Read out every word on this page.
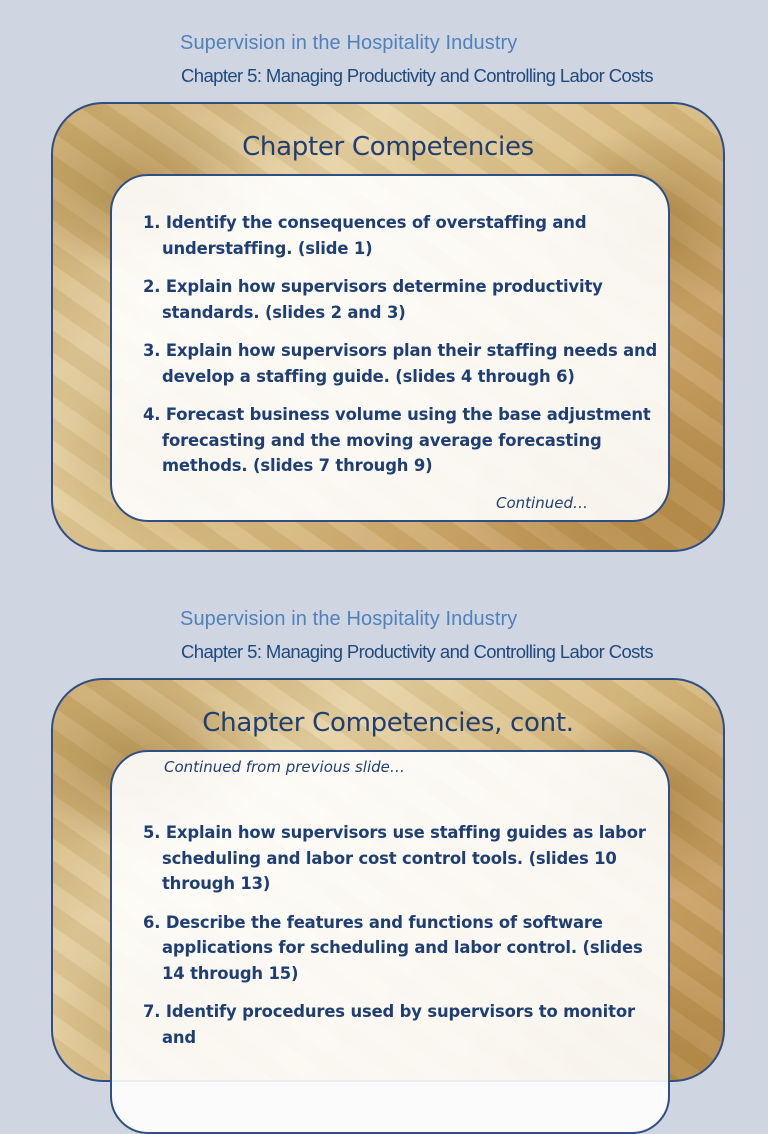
Supervision in the Hospitality Industry
Chapter 5: Managing Productivity and Controlling Labor Costs
Chapter Competencies
1. Identify the consequences of overstaffing and understaffing. (slide 1)
2. Explain how supervisors determine productivity standards. (slides 2 and 3)
3. Explain how supervisors plan their staffing needs and develop a staffing guide. (slides 4 through 6)
4. Forecast business volume using the base adjustment forecasting and the moving average forecasting methods. (slides 7 through 9)
Continued…
Supervision in the Hospitality Industry
Chapter 5: Managing Productivity and Controlling Labor Costs
Chapter Competencies, cont.
Continued from previous slide…
5. Explain how supervisors use staffing guides as labor scheduling and labor cost control tools. (slides 10 through 13)
6. Describe the features and functions of software applications for scheduling and labor control. (slides 14 through 15)
7. Identify procedures used by supervisors to monitor and
